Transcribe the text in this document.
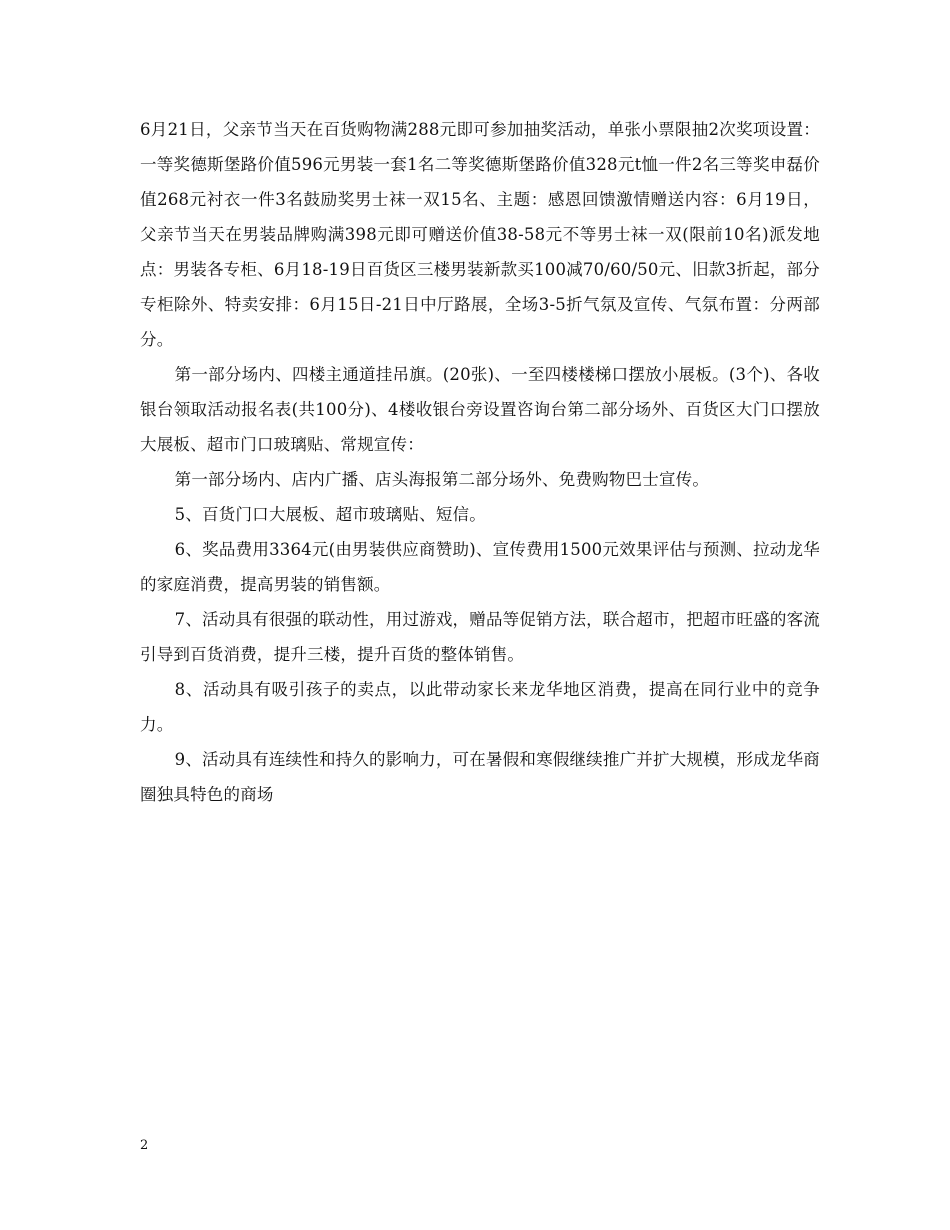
6月21日，父亲节当天在百货购物满288元即可参加抽奖活动，单张小票限抽2次奖项设置：一等奖德斯堡路价值596元男装一套1名二等奖德斯堡路价值328元t恤一件2名三等奖申磊价值268元衬衣一件3名鼓励奖男士袜一双15名、主题：感恩回馈激情赠送内容：6月19日，父亲节当天在男装品牌购满398元即可赠送价值38-58元不等男士袜一双(限前10名)派发地点：男装各专柜、6月18-19日百货区三楼男装新款买100减70/60/50元、旧款3折起，部分专柜除外、特卖安排：6月15日-21日中厅路展，全场3-5折气氛及宣传、气氛布置：分两部分。

第一部分场内、四楼主通道挂吊旗。(20张)、一至四楼楼梯口摆放小展板。(3个)、各收银台领取活动报名表(共100分)、4楼收银台旁设置咨询台第二部分场外、百货区大门口摆放大展板、超市门口玻璃贴、常规宣传：

第一部分场内、店内广播、店头海报第二部分场外、免费购物巴士宣传。

5、百货门口大展板、超市玻璃贴、短信。

6、奖品费用3364元(由男装供应商赞助)、宣传费用1500元效果评估与预测、拉动龙华的家庭消费，提高男装的销售额。

7、活动具有很强的联动性，用过游戏，赠品等促销方法，联合超市，把超市旺盛的客流引导到百货消费，提升三楼，提升百货的整体销售。

8、活动具有吸引孩子的卖点，以此带动家长来龙华地区消费，提高在同行业中的竞争力。

9、活动具有连续性和持久的影响力，可在暑假和寒假继续推广并扩大规模，形成龙华商圈独具特色的商场

2
